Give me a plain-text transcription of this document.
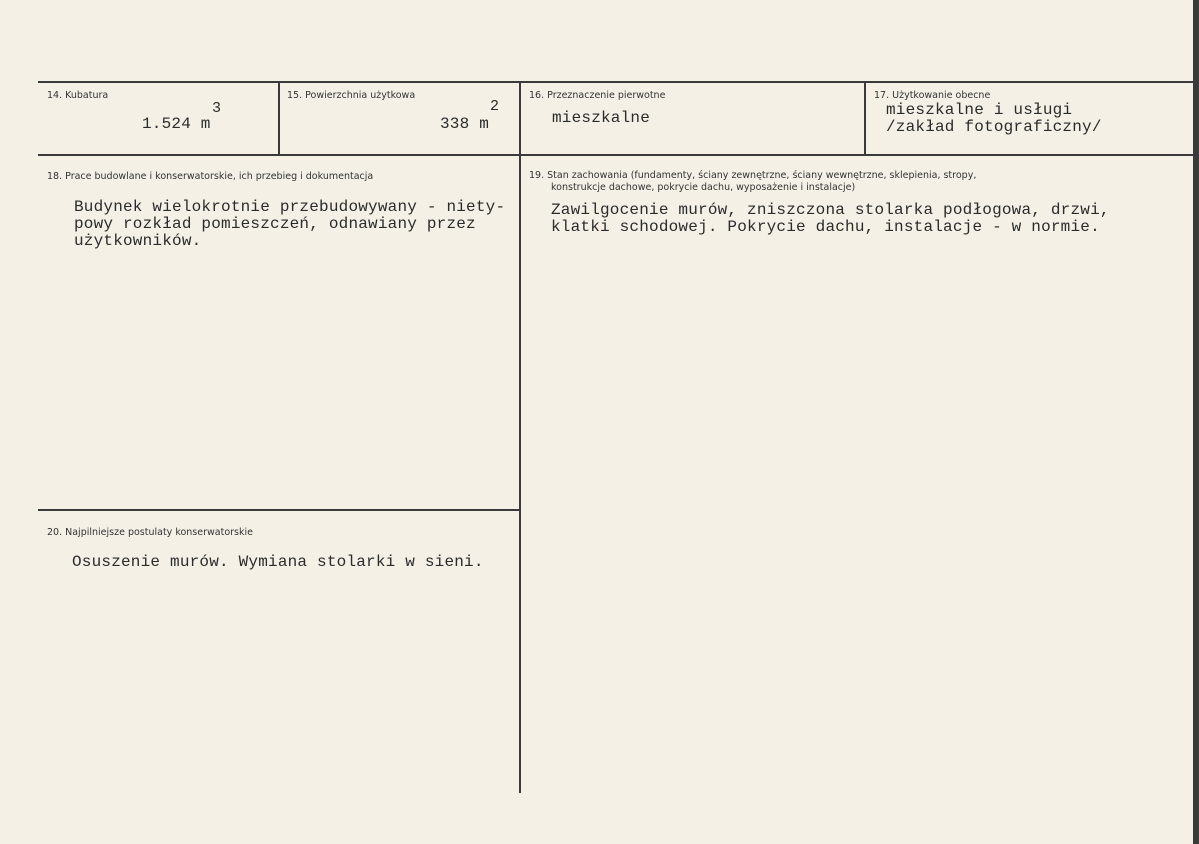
14. Kubatura
1.524 m
3
15. Powierzchnia użytkowa
338 m
2
16. Przeznaczenie pierwotne
mieszkalne
17. Użytkowanie obecne
mieszkalne i usługi
/zakład fotograficzny/
18. Prace budowlane i konserwatorskie, ich przebieg i dokumentacja
Budynek wielokrotnie przebudowywany - niety-
powy rozkład pomieszczeń, odnawiany przez
użytkowników.
19. Stan zachowania (fundamenty, ściany zewnętrzne, ściany wewnętrzne, sklepienia, stropy,
konstrukcje dachowe, pokrycie dachu, wyposażenie i instalacje)
Zawilgocenie murów, zniszczona stolarka podłogowa, drzwi,
klatki schodowej. Pokrycie dachu, instalacje - w normie.
20. Najpilniejsze postulaty konserwatorskie
Osuszenie murów. Wymiana stolarki w sieni.
